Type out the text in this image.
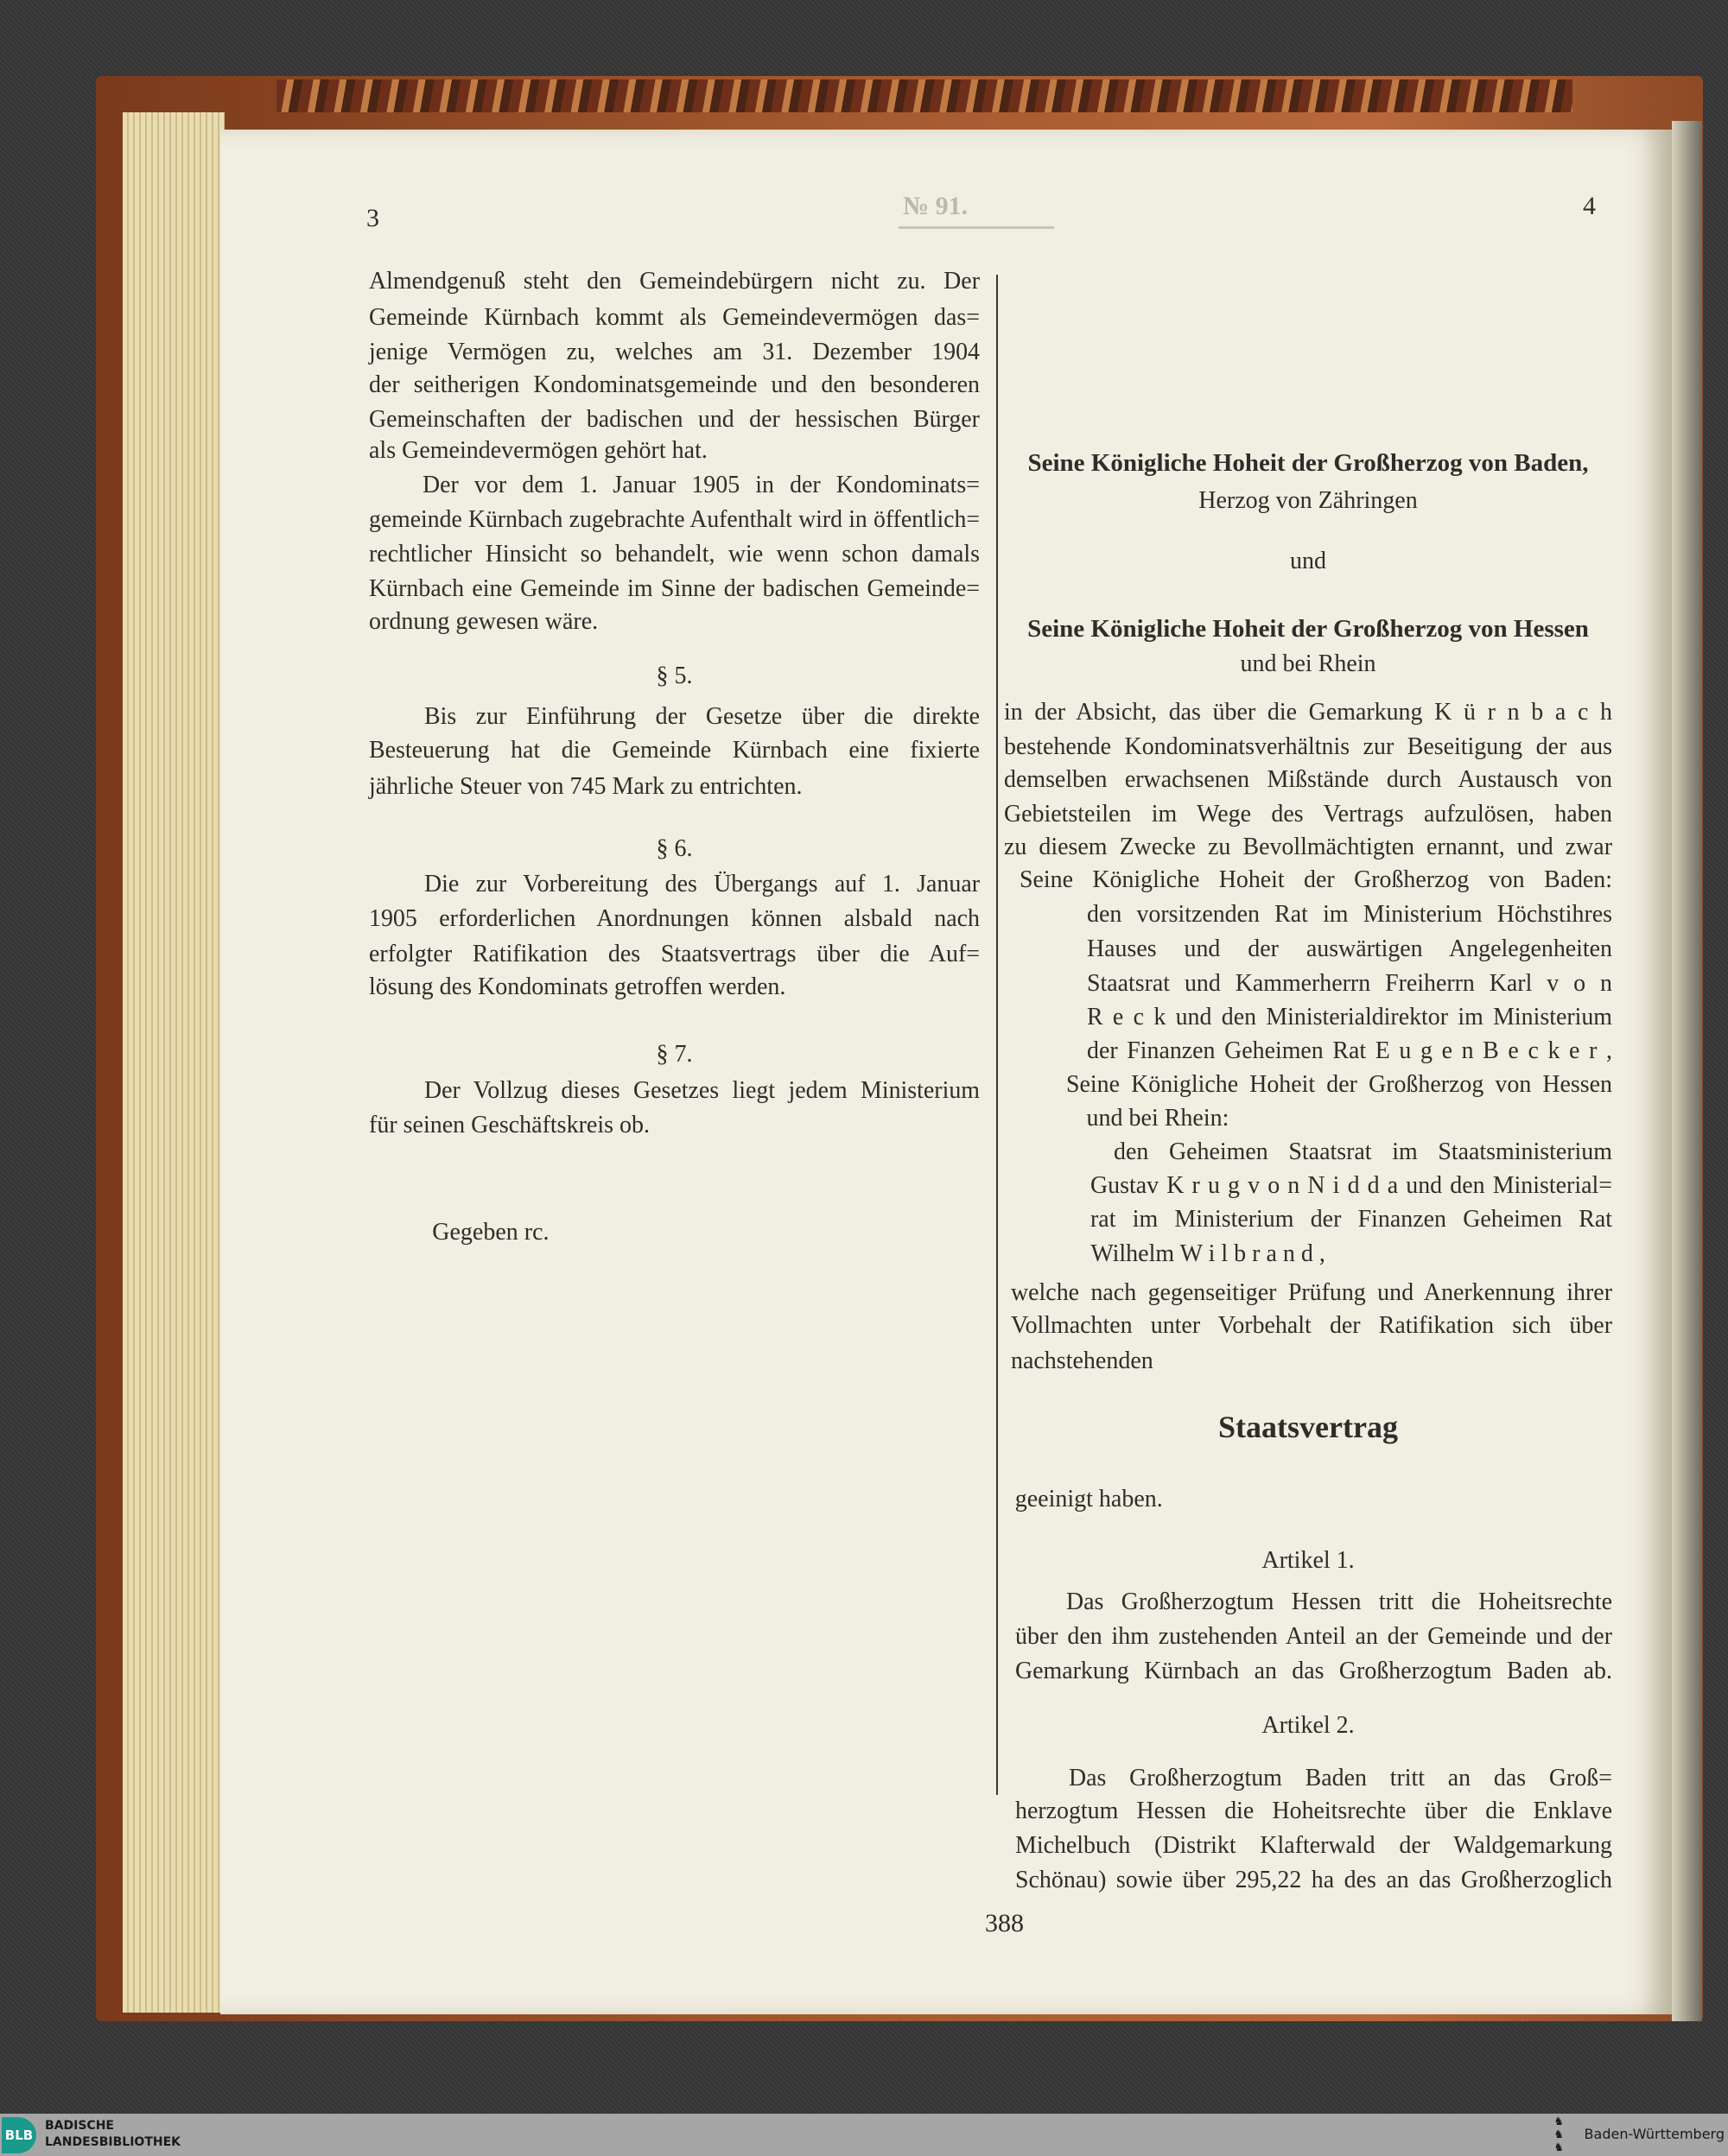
3	4
№ 91.
388
Almendgenuß steht den Gemeindebürgern nicht zu. Der
Gemeinde Kürnbach kommt als Gemeindevermögen das=
jenige Vermögen zu, welches am 31. Dezember 1904
der seitherigen Kondominatsgemeinde und den besonderen
Gemeinschaften der badischen und der hessischen Bürger
als Gemeindevermögen gehört hat.
Der vor dem 1. Januar 1905 in der Kondominats=
gemeinde Kürnbach zugebrachte Aufenthalt wird in öffentlich=
rechtlicher Hinsicht so behandelt, wie wenn schon damals
Kürnbach eine Gemeinde im Sinne der badischen Gemeinde=
ordnung gewesen wäre.
§ 5.
Bis zur Einführung der Gesetze über die direkte
Besteuerung hat die Gemeinde Kürnbach eine fixierte
jährliche Steuer von 745 Mark zu entrichten.
§ 6.
Die zur Vorbereitung des Übergangs auf 1. Januar
1905 erforderlichen Anordnungen können alsbald nach
erfolgter Ratifikation des Staatsvertrags über die Auf=
lösung des Kondominats getroffen werden.
§ 7.
Der Vollzug dieses Gesetzes liegt jedem Ministerium
für seinen Geschäftskreis ob.
Gegeben rc.
Seine Königliche Hoheit der Großherzog von Baden,
Herzog von Zähringen
und
Seine Königliche Hoheit der Großherzog von Hessen
und bei Rhein
in der Absicht, das über die Gemarkung K ü r n b a c h
bestehende Kondominatsverhältnis zur Beseitigung der aus
demselben erwachsenen Mißstände durch Austausch von
Gebietsteilen im Wege des Vertrags aufzulösen, haben
zu diesem Zwecke zu Bevollmächtigten ernannt, und zwar
Seine Königliche Hoheit der Großherzog von Baden:
den vorsitzenden Rat im Ministerium Höchstihres
Hauses und der auswärtigen Angelegenheiten
Staatsrat und Kammerherrn Freiherrn Karl v o n
R e c k und den Ministerialdirektor im Ministerium
der Finanzen Geheimen Rat E u g e n B e c k e r ,
Seine Königliche Hoheit der Großherzog von Hessen
und bei Rhein:
den Geheimen Staatsrat im Staatsministerium
Gustav K r u g v o n N i d d a und den Ministerial=
rat im Ministerium der Finanzen Geheimen Rat
Wilhelm W i l b r a n d ,
welche nach gegenseitiger Prüfung und Anerkennung ihrer
Vollmachten unter Vorbehalt der Ratifikation sich über
nachstehenden
Staatsvertrag
geeinigt haben.
Artikel 1.
Das Großherzogtum Hessen tritt die Hoheitsrechte
über den ihm zustehenden Anteil an der Gemeinde und der
Gemarkung Kürnbach an das Großherzogtum Baden ab.
Artikel 2.
Das Großherzogtum Baden tritt an das Groß=
herzogtum Hessen die Hoheitsrechte über die Enklave
Michelbuch (Distrikt Klafterwald der Waldgemarkung
Schönau) sowie über 295,22 ha des an das Großherzoglich
BLB
BADISCHE
LANDESBIBLIOTHEK
♞
♞
♞
Baden-Württemberg
